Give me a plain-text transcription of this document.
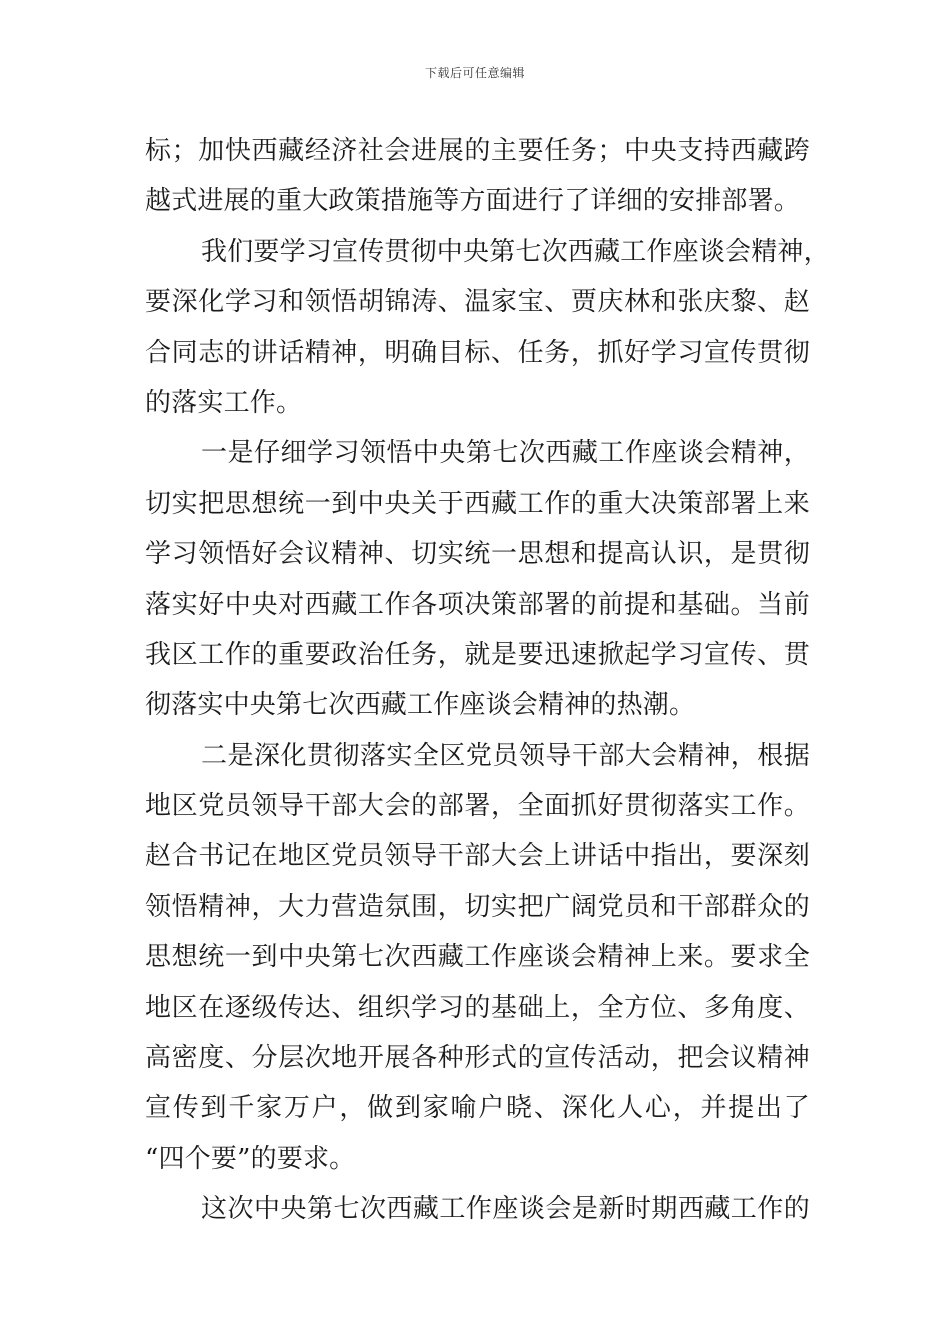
下载后可任意编辑
标；加快西藏经济社会进展的主要任务；中央支持西藏跨
越式进展的重大政策措施等方面进行了详细的安排部署。
我们要学习宣传贯彻中央第七次西藏工作座谈会精神，
要深化学习和领悟胡锦涛、温家宝、贾庆林和张庆黎、赵
合同志的讲话精神，明确目标、任务，抓好学习宣传贯彻
的落实工作。
一是仔细学习领悟中央第七次西藏工作座谈会精神，
切实把思想统一到中央关于西藏工作的重大决策部署上来
学习领悟好会议精神、切实统一思想和提高认识，是贯彻
落实好中央对西藏工作各项决策部署的前提和基础。当前
我区工作的重要政治任务，就是要迅速掀起学习宣传、贯
彻落实中央第七次西藏工作座谈会精神的热潮。
二是深化贯彻落实全区党员领导干部大会精神，根据
地区党员领导干部大会的部署，全面抓好贯彻落实工作。
赵合书记在地区党员领导干部大会上讲话中指出，要深刻
领悟精神，大力营造氛围，切实把广阔党员和干部群众的
思想统一到中央第七次西藏工作座谈会精神上来。要求全
地区在逐级传达、组织学习的基础上，全方位、多角度、
高密度、分层次地开展各种形式的宣传活动，把会议精神
宣传到千家万户，做到家喻户晓、深化人心，并提出了
“四个要”的要求。
这次中央第七次西藏工作座谈会是新时期西藏工作的
